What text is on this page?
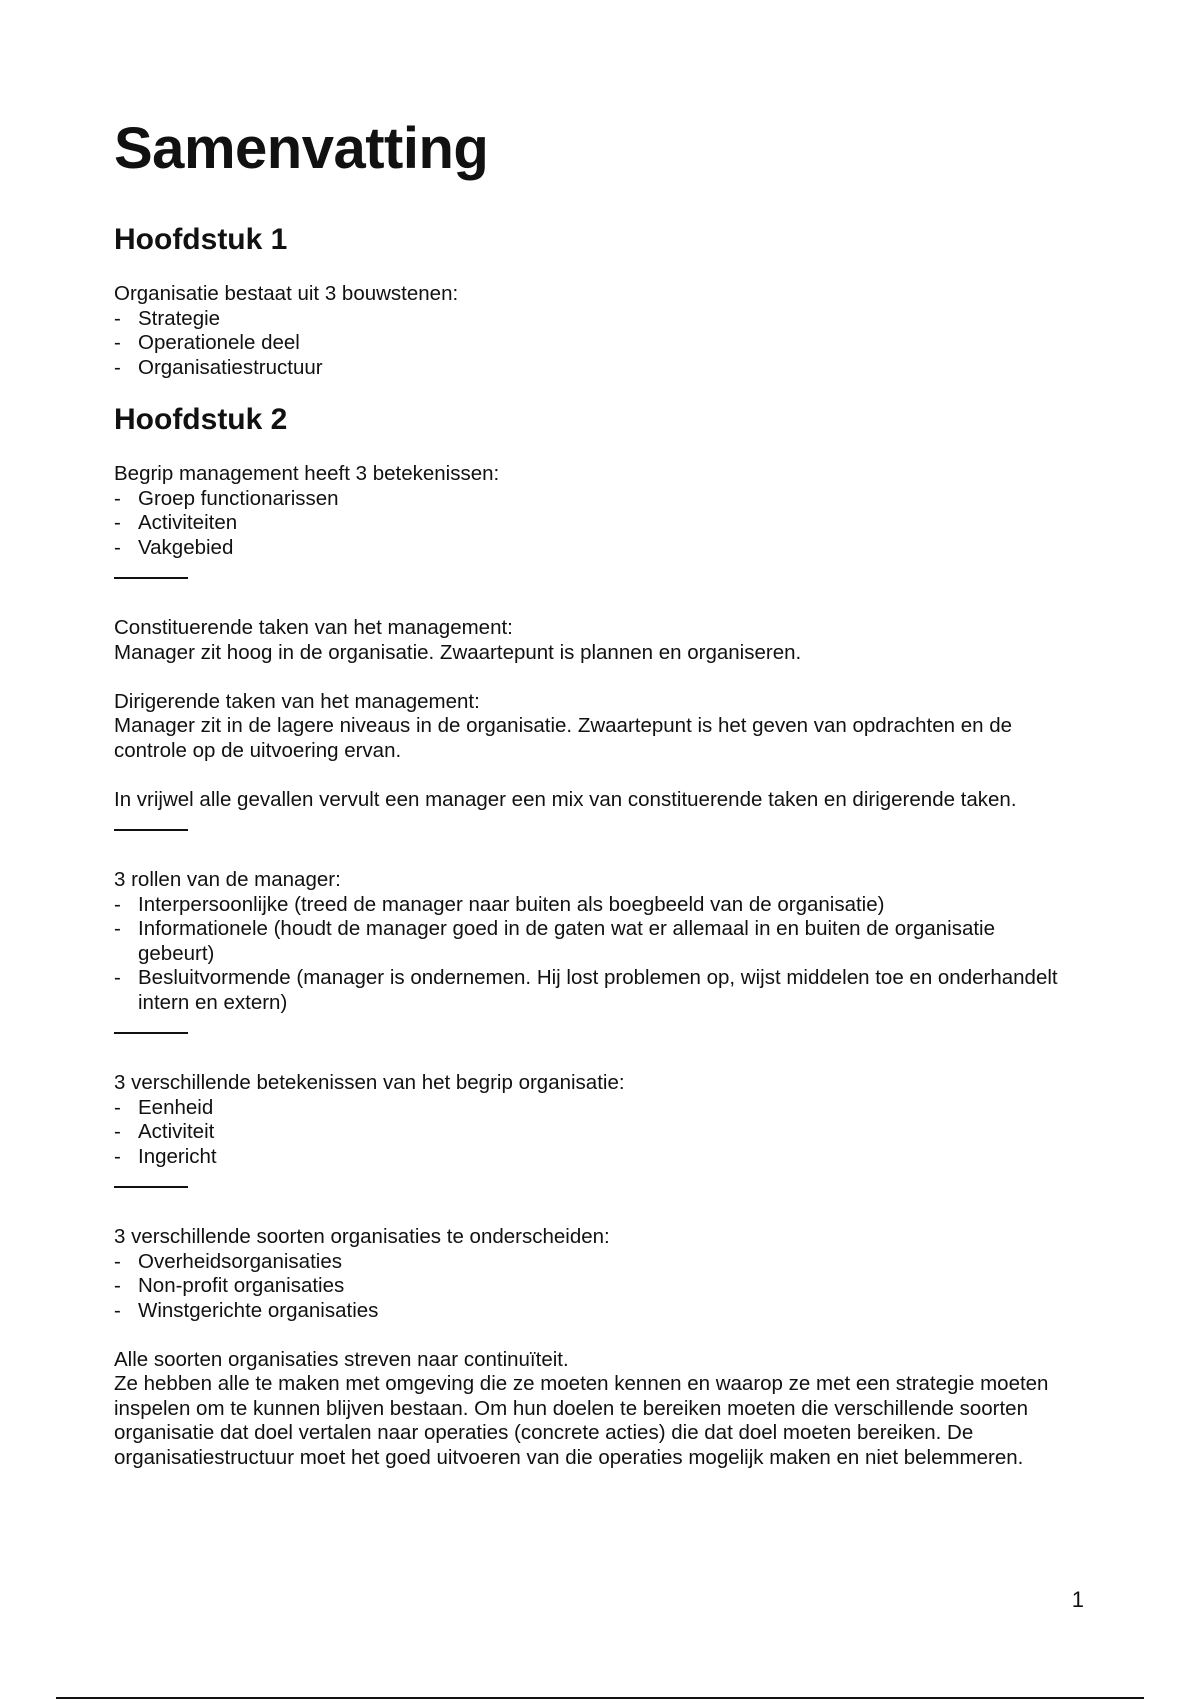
Samenvatting
Hoofdstuk 1

Organisatie bestaat uit 3 bouwstenen:

- Strategie
- Operationele deel
- Organisatiestructuur
Hoofdstuk 2

Begrip management heeft 3 betekenissen:

- Groep functionarissen
- Activiteiten
- Vakgebied

Constituerende taken van het management:

Manager zit hoog in de organisatie. Zwaartepunt is plannen en organiseren.

Dirigerende taken van het management:

Manager zit in de lagere niveaus in de organisatie. Zwaartepunt is het geven van opdrachten en de controle op de uitvoering ervan.

In vrijwel alle gevallen vervult een manager een mix van constituerende taken en dirigerende taken.

3 rollen van de manager:

- Interpersoonlijke (treed de manager naar buiten als boegbeeld van de organisatie)
- Informationele (houdt de manager goed in de gaten wat er allemaal in en buiten de organisatie gebeurt)
- Besluitvormende (manager is ondernemen. Hij lost problemen op, wijst middelen toe en onderhandelt intern en extern)

3 verschillende betekenissen van het begrip organisatie:

- Eenheid
- Activiteit
- Ingericht

3 verschillende soorten organisaties te onderscheiden:

- Overheidsorganisaties
- Non-profit organisaties
- Winstgerichte organisaties

Alle soorten organisaties streven naar continuïteit.

Ze hebben alle te maken met omgeving die ze moeten kennen en waarop ze met een strategie moeten inspelen om te kunnen blijven bestaan. Om hun doelen te bereiken moeten die verschillende soorten organisatie dat doel vertalen naar operaties (concrete acties) die dat doel moeten bereiken. De organisatiestructuur moet het goed uitvoeren van die operaties mogelijk maken en niet belemmeren.

1
